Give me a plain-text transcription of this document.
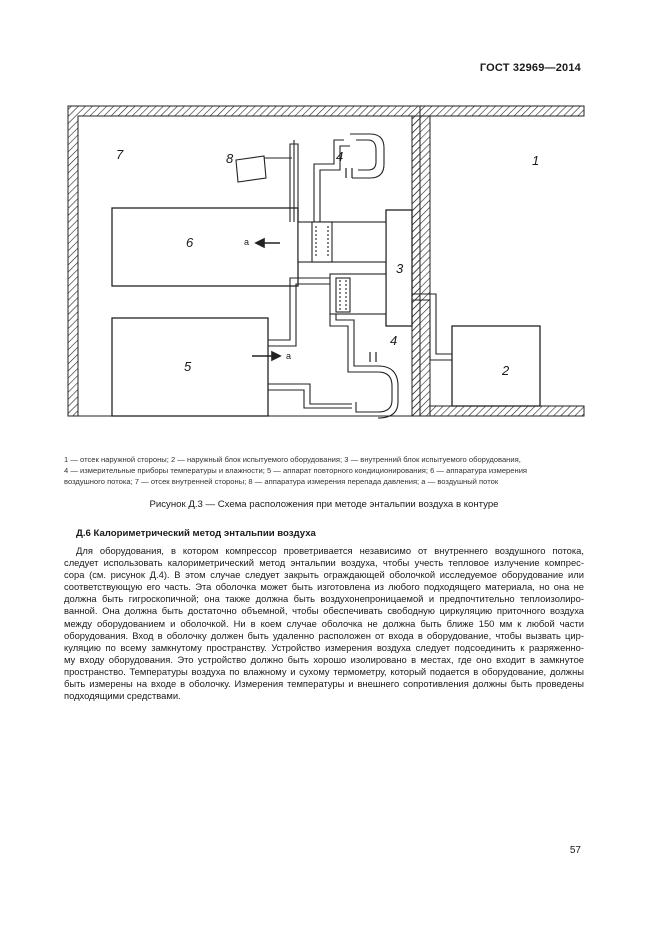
ГОСТ 32969—2014
7	1
8	4
6
3
4
5	2
а
а
1 — отсек наружной стороны; 2 — наружный блок испытуемого оборудования; 3 — внутренний блок испытуемого оборудования,
4 — измерительные приборы температуры и влажности; 5 — аппарат повторного кондиционирования; 6 — аппаратура измерения
воздушного потока; 7 — отсек внутренней стороны; 8 — аппаратура измерения перепада давления; а — воздушный поток
Рисунок Д.3 — Схема расположения при методе энтальпии воздуха в контуре
Д.6 Калориметрический метод энтальпии воздуха
Для оборудования, в котором компрессор проветривается независимо от внутреннего воздушного потока,
следует использовать калориметрический метод энтальпии воздуха, чтобы учесть тепловое излучение компрес-
сора (см. рисунок Д.4). В этом случае следует закрыть ограждающей оболочкой исследуемое оборудование или
соответствующую его часть. Эта оболочка может быть изготовлена из любого подходящего материала, но она не
должна быть гигроскопичной; она также должна быть воздухонепроницаемой и предпочтительно теплоизолиро-
ванной. Она должна быть достаточно объемной, чтобы обеспечивать свободную циркуляцию приточного воздуха
между оборудованием и оболочкой. Ни в коем случае оболочка не должна быть ближе 150 мм к любой части
оборудования. Вход в оболочку должен быть удаленно расположен от входа в оборудование, чтобы вызвать цир-
куляцию по всему замкнутому пространству. Устройство измерения воздуха следует подсоединить к разряженно-
му входу оборудования. Это устройство должно быть хорошо изолировано в местах, где оно входит в замкнутое
пространство. Температуры воздуха по влажному и сухому термометру, который подается в оборудование, должны
быть измерены на входе в оболочку. Измерения температуры и внешнего сопротивления должны быть проведены
подходящими средствами.
57
